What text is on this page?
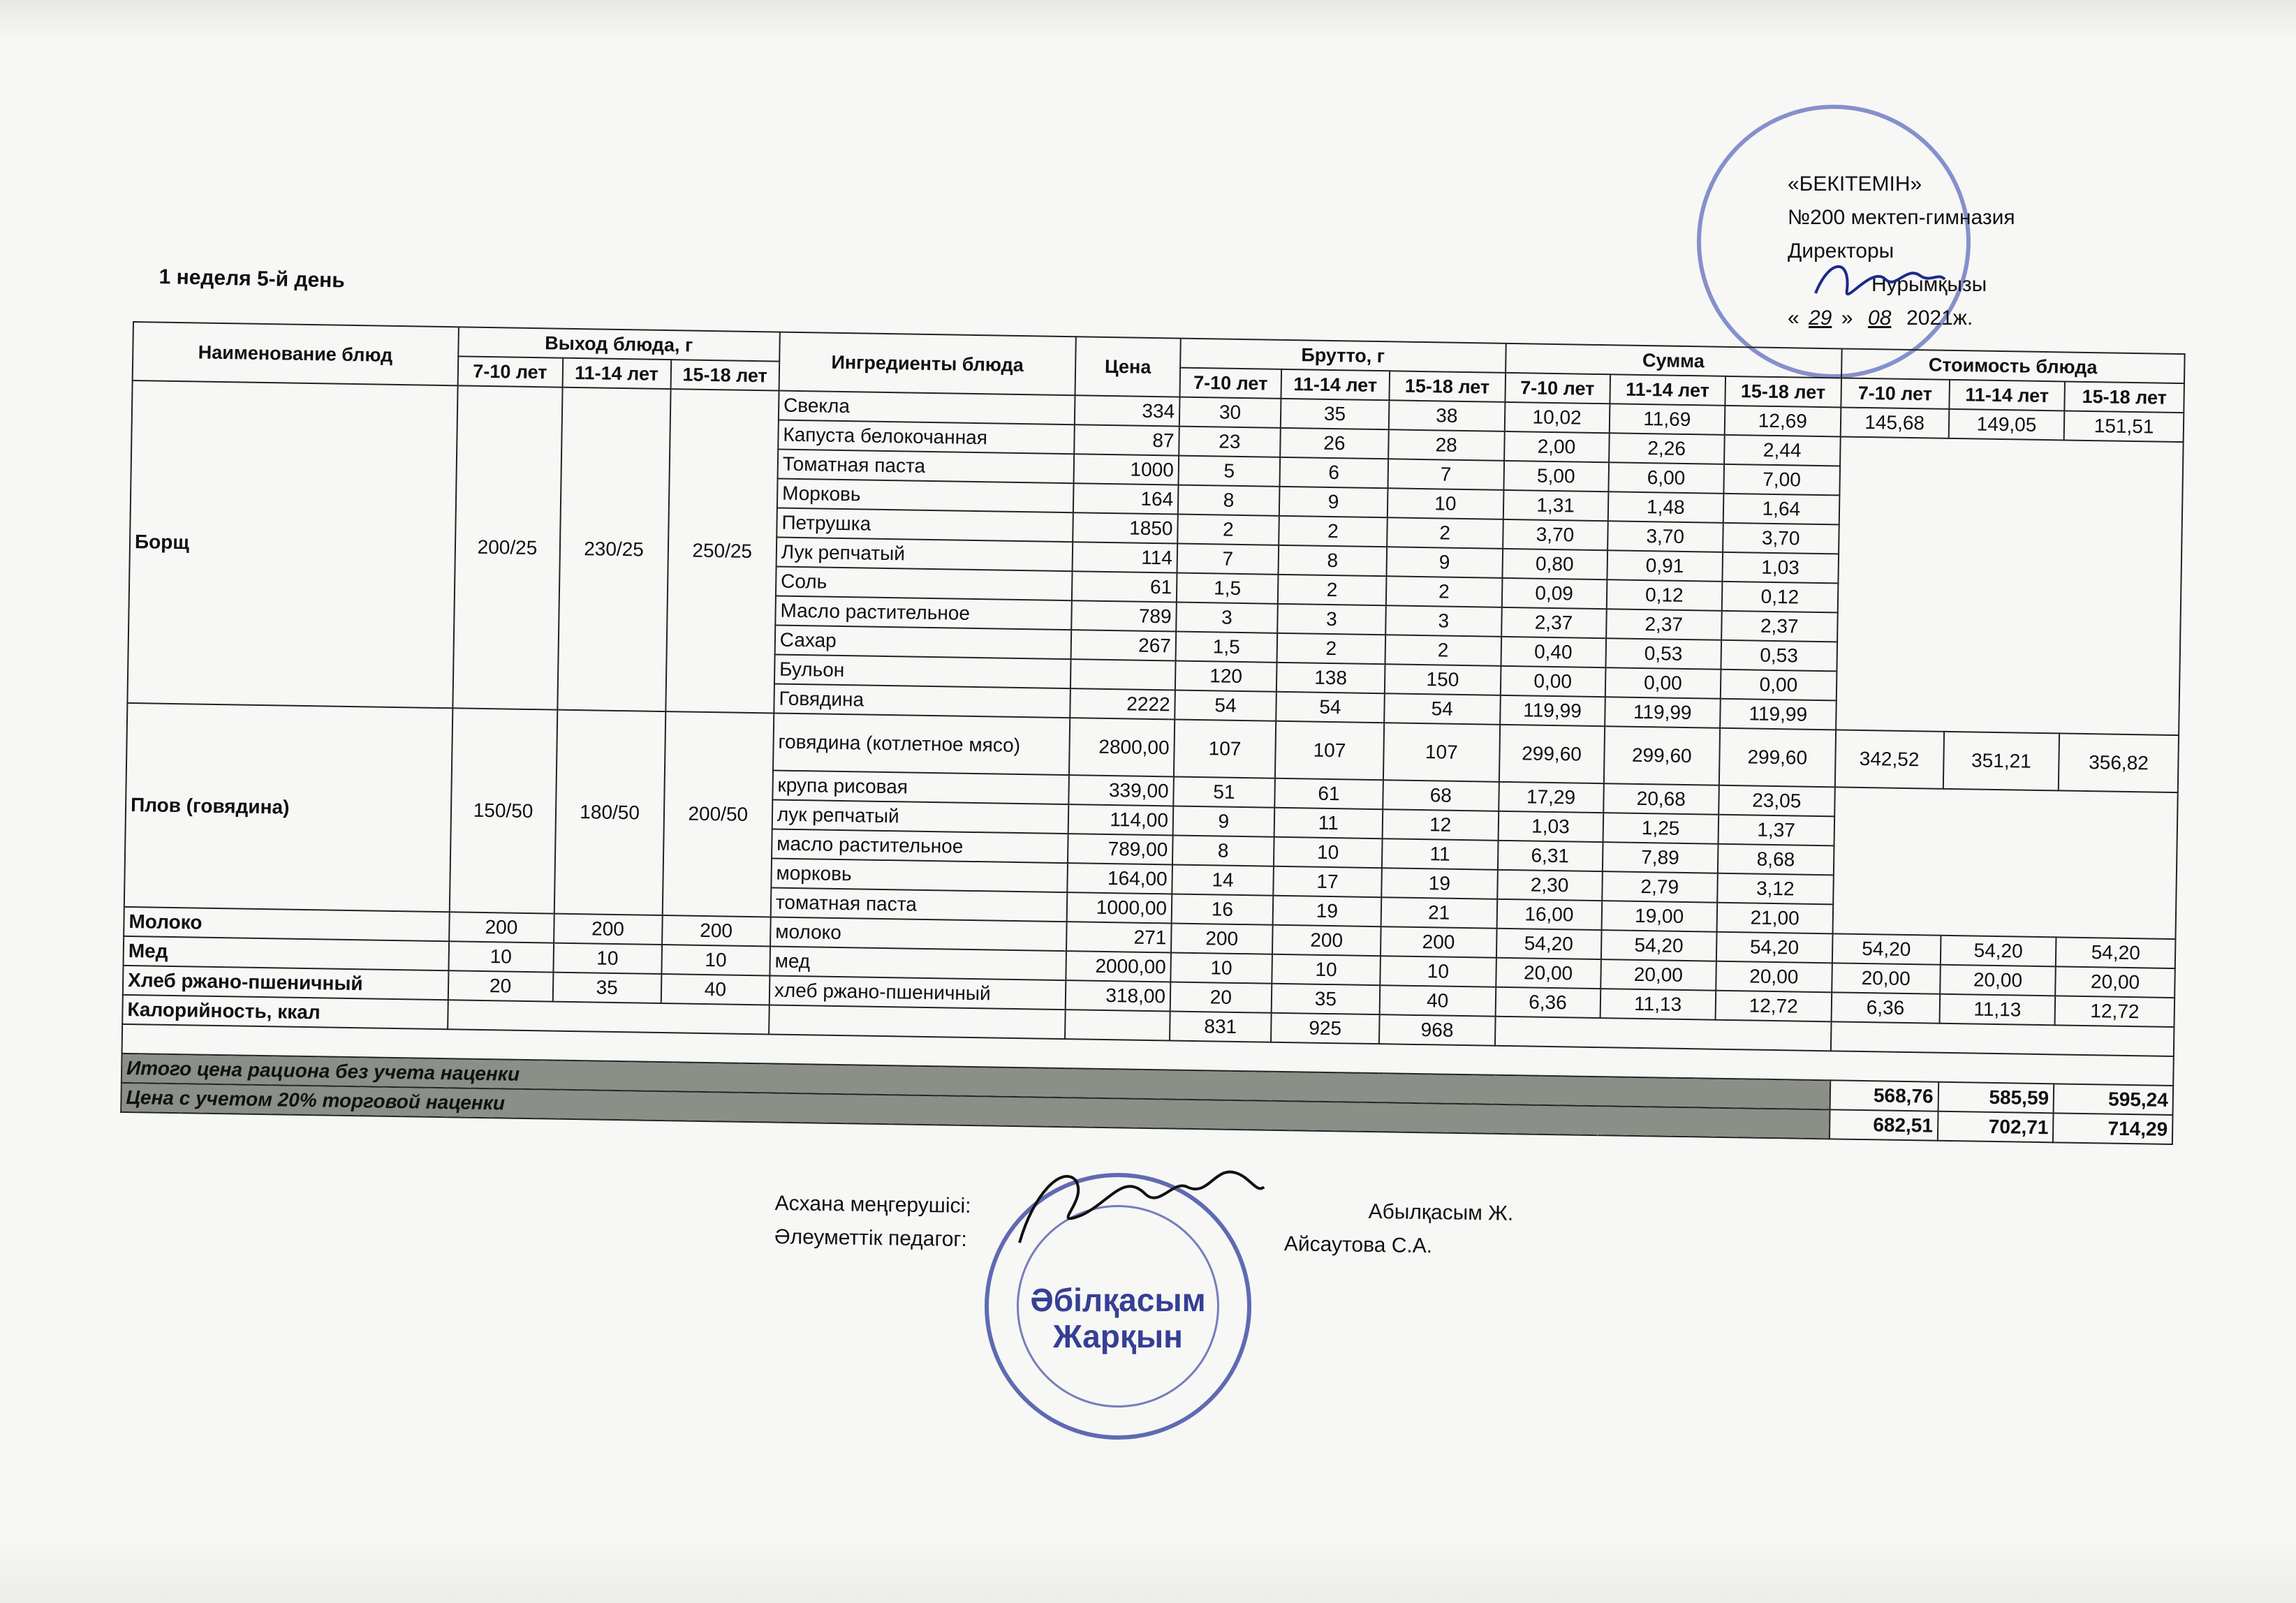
«БЕКІТЕМІН»
№200 мектеп-гимназия
Директоры
Нурымқызы
« 29 » 08 2021ж.
1 неделя 5-й день
Наименование блюд	Выход блюда, г			Ингредиенты блюда	Цена	Брутто, г			Сумма			Стоимость блюда		
	7-10 лет	11-14 лет	15-18 лет			7-10 лет	11-14 лет	15-18 лет	7-10 лет	11-14 лет	15-18 лет	7-10 лет	11-14 лет	15-18 лет
Борщ	200/25	230/25	250/25	Свекла	334	30	35	38	10,02	11,69	12,69	145,68	149,05	151,51
				Капуста белокочанная	87	23	26	28	2,00	2,26	2,44			
				Томатная паста	1000	5	6	7	5,00	6,00	7,00			
				Морковь	164	8	9	10	1,31	1,48	1,64			
				Петрушка	1850	2	2	2	3,70	3,70	3,70			
				Лук репчатый	114	7	8	9	0,80	0,91	1,03			
				Соль	61	1,5	2	2	0,09	0,12	0,12			
				Масло растительное	789	3	3	3	2,37	2,37	2,37			
				Сахар	267	1,5	2	2	0,40	0,53	0,53			
				Бульон		120	138	150	0,00	0,00	0,00			
				Говядина	2222	54	54	54	119,99	119,99	119,99			
Плов (говядина)	150/50	180/50	200/50	говядина (котлетное мясо)	2800,00	107	107	107	299,60	299,60	299,60	342,52	351,21	356,82
				крупа рисовая	339,00	51	61	68	17,29	20,68	23,05			
				лук репчатый	114,00	9	11	12	1,03	1,25	1,37			
				масло растительное	789,00	8	10	11	6,31	7,89	8,68			
				морковь	164,00	14	17	19	2,30	2,79	3,12			
				томатная паста	1000,00	16	19	21	16,00	19,00	21,00			
Молоко	200	200	200	молоко	271	200	200	200	54,20	54,20	54,20	54,20	54,20	54,20
Мед	10	10	10	мед	2000,00	10	10	10	20,00	20,00	20,00	20,00	20,00	20,00
Хлеб ржано-пшеничный	20	35	40	хлеб ржано-пшеничный	318,00	20	35	40	6,36	11,13	12,72	6,36	11,13	12,72
Калорийность, ккал						831	925	968						

Итого цена рациона без учета наценки												568,76	585,59	595,24
Цена с учетом 20% торговой наценки												682,51	702,71	714,29
Әбілқасым
Жарқын
Асхана меңгерушісі:	Абылқасым Ж.
Әлеуметтік педагог:	Айсаутова С.А.
